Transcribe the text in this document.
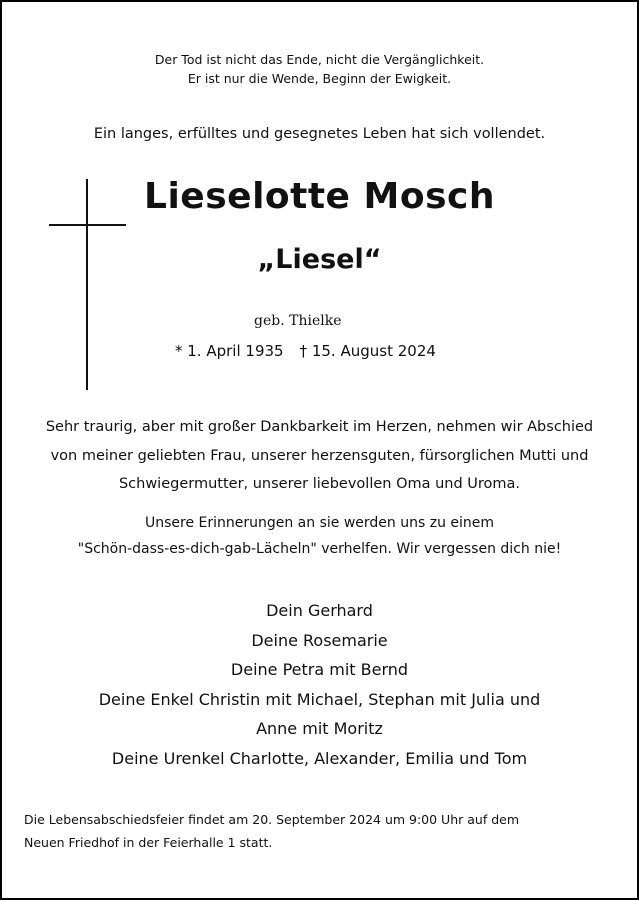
Der Tod ist nicht das Ende, nicht die Vergänglichkeit.
Er ist nur die Wende, Beginn der Ewigkeit.
Ein langes, erfülltes und gesegnetes Leben hat sich vollendet.
Lieselotte Mosch
„Liesel“
geb. Thielke
* 1. April 1935 † 15. August 2024
Sehr traurig, aber mit großer Dankbarkeit im Herzen, nehmen wir Abschied
von meiner geliebten Frau, unserer herzensguten, fürsorglichen Mutti und
Schwiegermutter, unserer liebevollen Oma und Uroma.
Unsere Erinnerungen an sie werden uns zu einem
"Schön-dass-es-dich-gab-Lächeln" verhelfen. Wir vergessen dich nie!
Dein Gerhard
Deine Rosemarie
Deine Petra mit Bernd
Deine Enkel Christin mit Michael, Stephan mit Julia und
Anne mit Moritz
Deine Urenkel Charlotte, Alexander, Emilia und Tom
Die Lebensabschiedsfeier findet am 20. September 2024 um 9:00 Uhr auf dem
Neuen Friedhof in der Feierhalle 1 statt.
